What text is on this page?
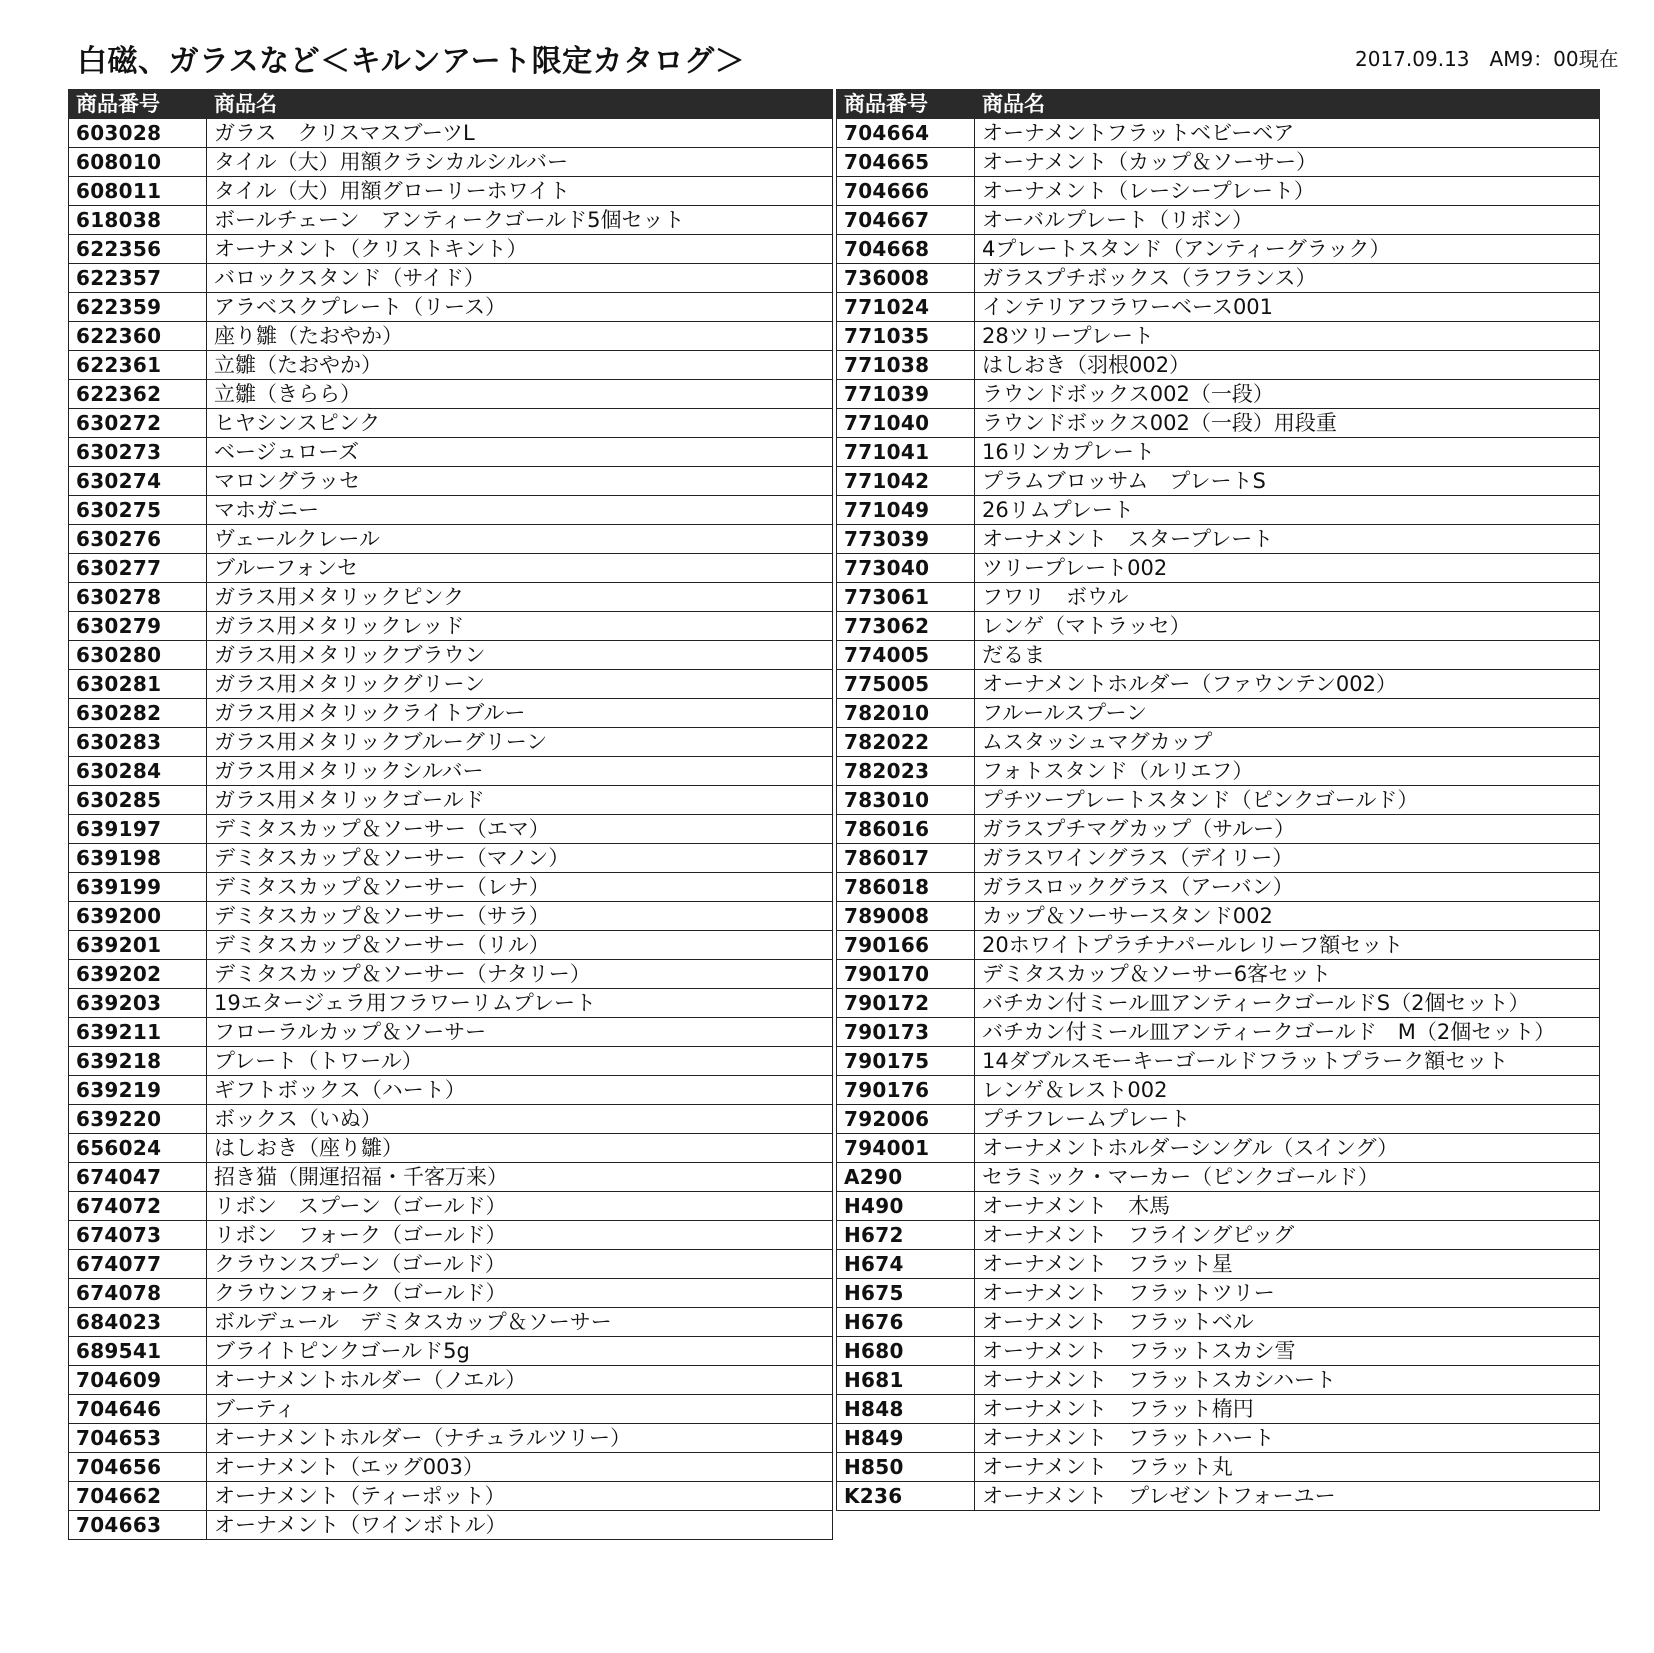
白磁、ガラスなど＜キルンアート限定カタログ＞	2017.09.13　AM9：00現在
商品番号	商品名
603028	ガラス　クリスマスブーツL
608010	タイル（大）用額クラシカルシルバー
608011	タイル（大）用額グローリーホワイト
618038	ボールチェーン　アンティークゴールド5個セット
622356	オーナメント（クリストキント）
622357	バロックスタンド（サイド）
622359	アラベスクプレート（リース）
622360	座り雛（たおやか）
622361	立雛（たおやか）
622362	立雛（きらら）
630272	ヒヤシンスピンク
630273	ベージュローズ
630274	マロングラッセ
630275	マホガニー
630276	ヴェールクレール
630277	ブルーフォンセ
630278	ガラス用メタリックピンク
630279	ガラス用メタリックレッド
630280	ガラス用メタリックブラウン
630281	ガラス用メタリックグリーン
630282	ガラス用メタリックライトブルー
630283	ガラス用メタリックブルーグリーン
630284	ガラス用メタリックシルバー
630285	ガラス用メタリックゴールド
639197	デミタスカップ＆ソーサー（エマ）
639198	デミタスカップ＆ソーサー（マノン）
639199	デミタスカップ＆ソーサー（レナ）
639200	デミタスカップ＆ソーサー（サラ）
639201	デミタスカップ＆ソーサー（リル）
639202	デミタスカップ＆ソーサー（ナタリー）
639203	19エタージェラ用フラワーリムプレート
639211	フローラルカップ＆ソーサー
639218	プレート（トワール）
639219	ギフトボックス（ハート）
639220	ボックス（いぬ）
656024	はしおき（座り雛）
674047	招き猫（開運招福・千客万来）
674072	リボン　スプーン（ゴールド）
674073	リボン　フォーク（ゴールド）
674077	クラウンスプーン（ゴールド）
674078	クラウンフォーク（ゴールド）
684023	ボルデュール　デミタスカップ＆ソーサー
689541	ブライトピンクゴールド5g
704609	オーナメントホルダー（ノエル）
704646	ブーティ
704653	オーナメントホルダー（ナチュラルツリー）
704656	オーナメント（エッグ003）
704662	オーナメント（ティーポット）
704663	オーナメント（ワインボトル）
商品番号	商品名
704664	オーナメントフラットベビーベア
704665	オーナメント（カップ＆ソーサー）
704666	オーナメント（レーシープレート）
704667	オーバルプレート（リボン）
704668	4プレートスタンド（アンティーグラック）
736008	ガラスプチボックス（ラフランス）
771024	インテリアフラワーベース001
771035	28ツリープレート
771038	はしおき（羽根002）
771039	ラウンドボックス002（一段）
771040	ラウンドボックス002（一段）用段重
771041	16リンカプレート
771042	プラムブロッサム　プレートS
771049	26リムプレート
773039	オーナメント　スタープレート
773040	ツリープレート002
773061	フワリ　ボウル
773062	レンゲ（マトラッセ）
774005	だるま
775005	オーナメントホルダー（ファウンテン002）
782010	フルールスプーン
782022	ムスタッシュマグカップ
782023	フォトスタンド（ルリエフ）
783010	プチツープレートスタンド（ピンクゴールド）
786016	ガラスプチマグカップ（サルー）
786017	ガラスワイングラス（デイリー）
786018	ガラスロックグラス（アーバン）
789008	カップ＆ソーサースタンド002
790166	20ホワイトプラチナパールレリーフ額セット
790170	デミタスカップ＆ソーサー6客セット
790172	バチカン付ミール皿アンティークゴールドS（2個セット）
790173	バチカン付ミール皿アンティークゴールド　M（2個セット）
790175	14ダブルスモーキーゴールドフラットプラーク額セット
790176	レンゲ＆レスト002
792006	プチフレームプレート
794001	オーナメントホルダーシングル（スイング）
A290	セラミック・マーカー（ピンクゴールド）
H490	オーナメント　木馬
H672	オーナメント　フライングピッグ
H674	オーナメント　フラット星
H675	オーナメント　フラットツリー
H676	オーナメント　フラットベル
H680	オーナメント　フラットスカシ雪
H681	オーナメント　フラットスカシハート
H848	オーナメント　フラット楕円
H849	オーナメント　フラットハート
H850	オーナメント　フラット丸
K236	オーナメント　プレゼントフォーユー
